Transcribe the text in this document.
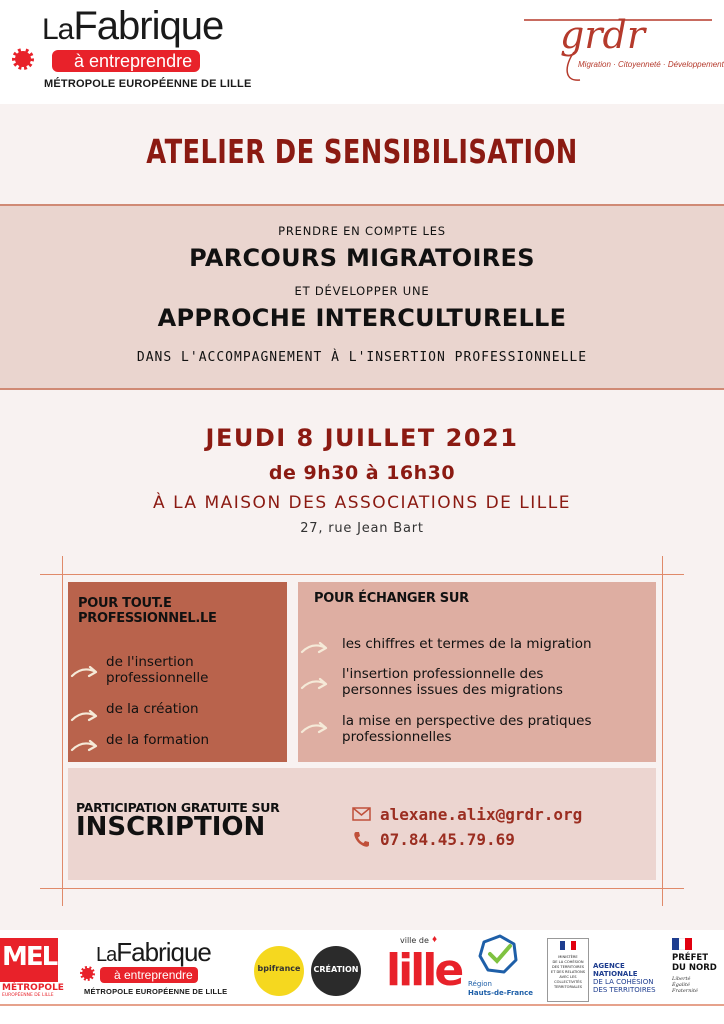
LaFabrique
à entreprendre
MÉTROPOLE EUROPÉENNE DE LILLE
grdr
Migration · Citoyenneté · Développement
ATELIER DE SENSIBILISATION
PRENDRE EN COMPTE LES
PARCOURS MIGRATOIRES
ET DÉVELOPPER UNE
APPROCHE INTERCULTURELLE
DANS L'ACCOMPAGNEMENT À L'INSERTION PROFESSIONNELLE
JEUDI 8 JUILLET 2021
de 9h30 à 16h30
À LA MAISON DES ASSOCIATIONS DE LILLE
27, rue Jean Bart
POUR TOUT.E
PROFESSIONNEL.LE
de l'insertion
professionnelle
de la création
de la formation
POUR ÉCHANGER SUR
les chiffres et termes de la migration
l'insertion professionnelle des
personnes issues des migrations
la mise en perspective des pratiques
professionnelles
PARTICIPATION GRATUITE SUR
INSCRIPTION	alexane.alix@grdr.org
07.84.45.79.69
MEL
MÉTROPOLE
EUROPÉENNE DE LILLE
LaFabrique
à entreprendre
MÉTROPOLE EUROPÉENNE DE LILLE
bpifrance	CRÉATION
ville de ♦
lille Région
Hauts-de-France
MINISTÈRE
DE LA COHÉSION
DES TERRITOIRES
ET DES RELATIONS
AVEC LES
COLLECTIVITÉS
TERRITORIALES
AGENCE
NATIONALE
DE LA COHÉSION
DES TERRITOIRES
PRÉFET
DU NORD
Liberté
Égalité
Fraternité
